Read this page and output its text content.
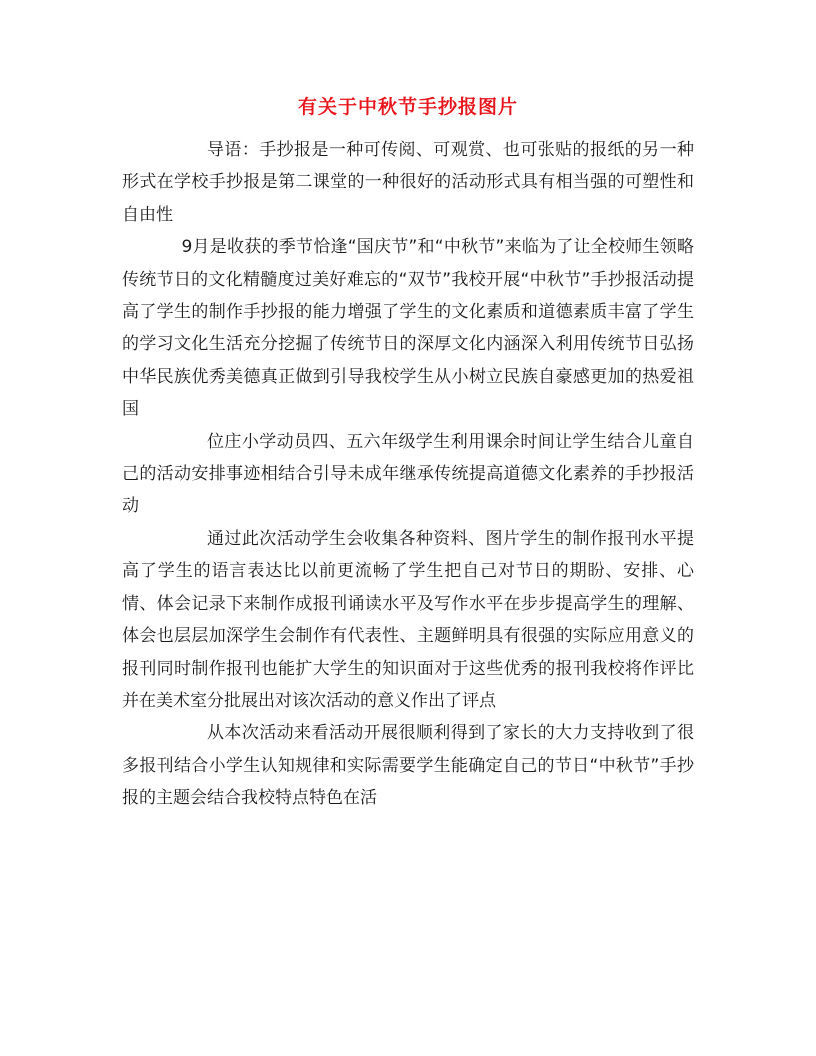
有关于中秋节手抄报图片

导语：手抄报是一种可传阅、可观赏、也可张贴的报纸的另一种形式在学校手抄报是第二课堂的一种很好的活动形式具有相当强的可塑性和自由性

9月是收获的季节恰逢“国庆节”和“中秋节”来临为了让全校师生领略传统节日的文化精髓度过美好难忘的“双节”我校开展“中秋节”手抄报活动提高了学生的制作手抄报的能力增强了学生的文化素质和道德素质丰富了学生的学习文化生活充分挖掘了传统节日的深厚文化内涵深入利用传统节日弘扬中华民族优秀美德真正做到引导我校学生从小树立民族自豪感更加的热爱祖国

位庄小学动员四、五六年级学生利用课余时间让学生结合儿童自己的活动安排事迹相结合引导未成年继承传统提高道德文化素养的手抄报活动

通过此次活动学生会收集各种资料、图片学生的制作报刊水平提高了学生的语言表达比以前更流畅了学生把自己对节日的期盼、安排、心情、体会记录下来制作成报刊诵读水平及写作水平在步步提高学生的理解、体会也层层加深学生会制作有代表性、主题鲜明具有很强的实际应用意义的报刊同时制作报刊也能扩大学生的知识面对于这些优秀的报刊我校将作评比并在美术室分批展出对该次活动的意义作出了评点

从本次活动来看活动开展很顺利得到了家长的大力支持收到了很多报刊结合小学生认知规律和实际需要学生能确定自己的节日“中秋节”手抄报的主题会结合我校特点特色在活
